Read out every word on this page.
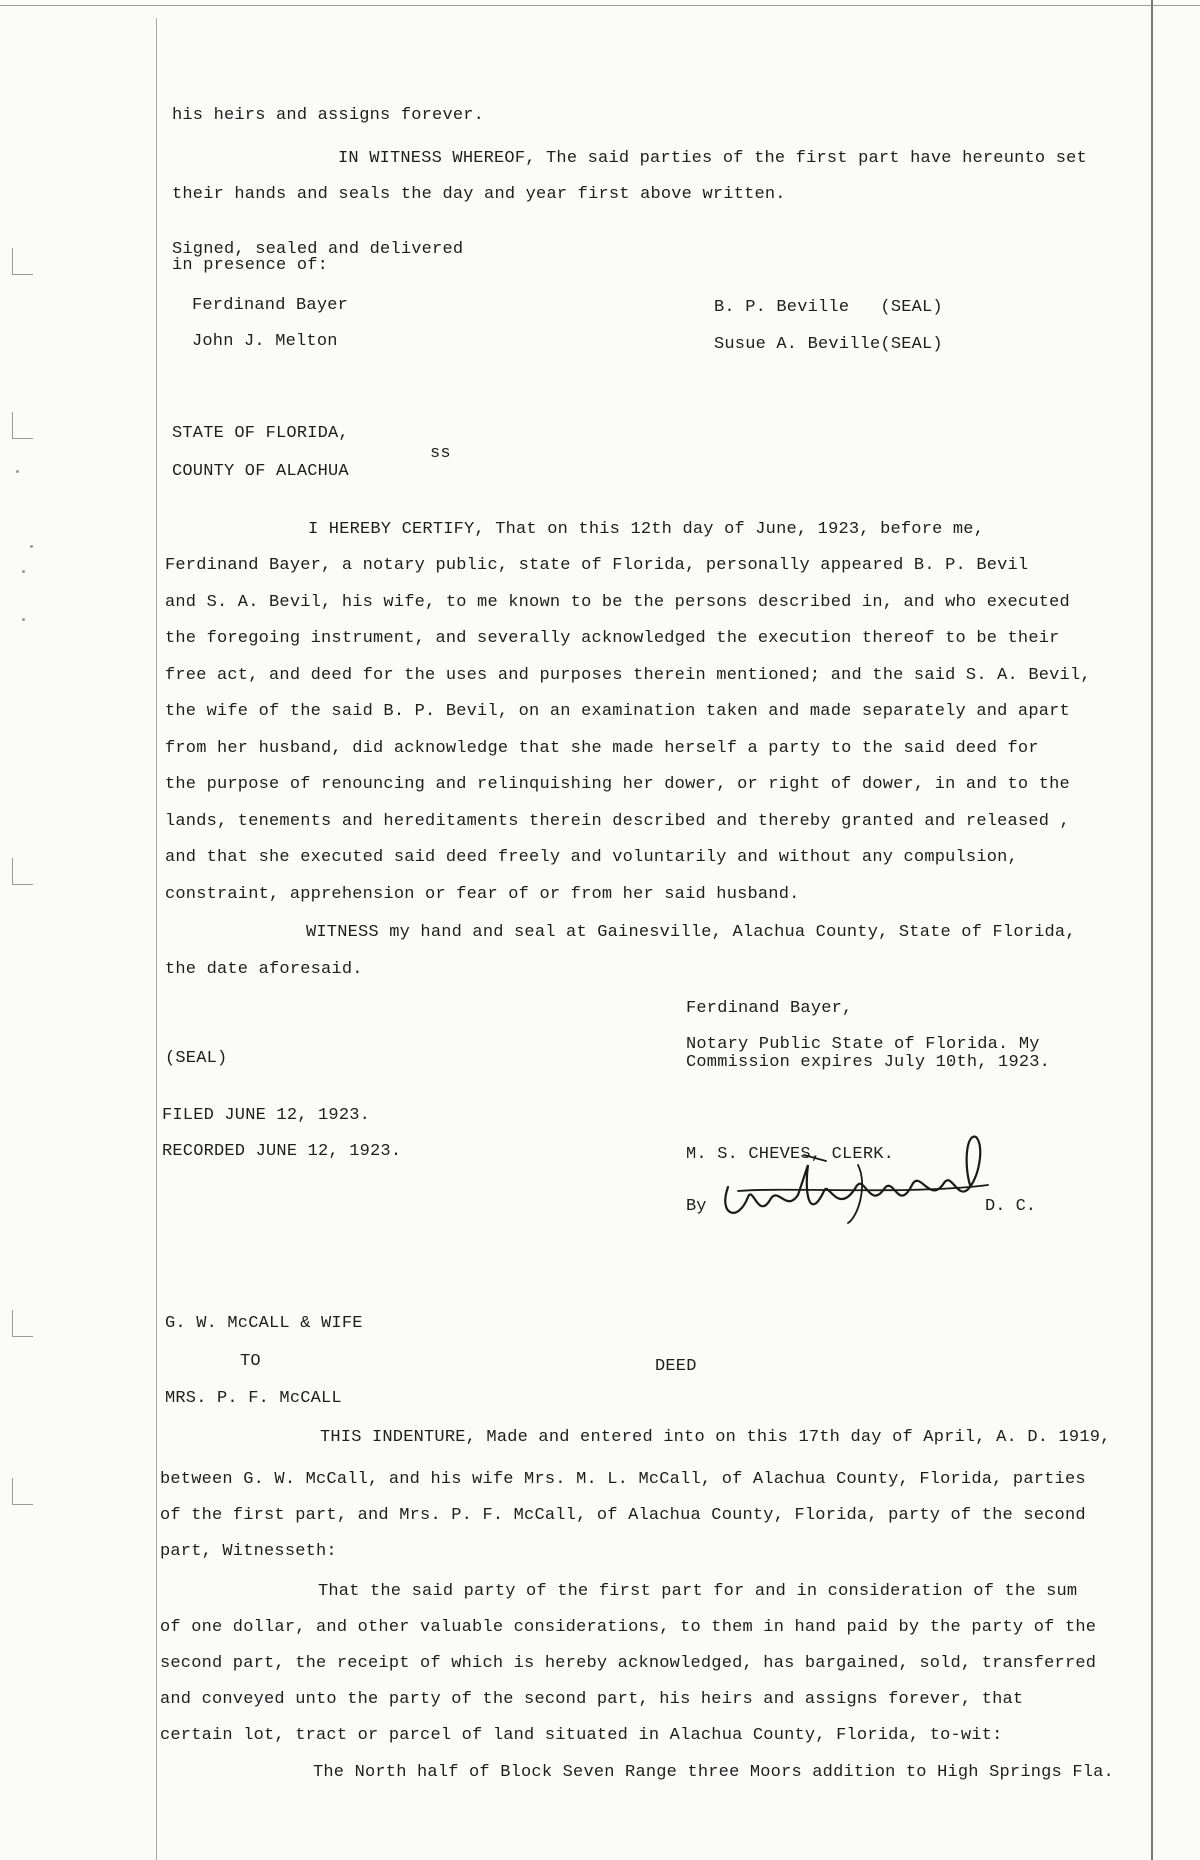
his heirs and assigns forever.
IN WITNESS WHEREOF, The said parties of the first part have hereunto set
their hands and seals the day and year first above written.
Signed, sealed and delivered
in presence of:
Ferdinand Bayer
John J. Melton
B. P. Beville   (SEAL)
Susue A. Beville(SEAL)
STATE OF FLORIDA,
ss
COUNTY OF ALACHUA
I HEREBY CERTIFY, That on this 12th day of June, 1923, before me,
Ferdinand Bayer, a notary public, state of Florida, personally appeared B. P. Bevil
and S. A. Bevil, his wife, to me known to be the persons described in, and who executed
the foregoing instrument, and severally acknowledged the execution thereof to be their
free act, and deed for the uses and purposes therein mentioned; and the said S. A. Bevil,
the wife of the said B. P. Bevil, on an examination taken and made separately and apart
from her husband, did acknowledge that she made herself a party to the said deed for
the purpose of renouncing and relinquishing her dower, or right of dower, in and to the
lands, tenements and hereditaments therein described and thereby granted and released ,
and that she executed said deed freely and voluntarily and without any compulsion,
constraint, apprehension or fear of or from her said husband.
WITNESS my hand and seal at Gainesville, Alachua County, State of Florida,
the date aforesaid.
Ferdinand Bayer,
Notary Public State of Florida. My
Commission expires July 10th, 1923.
(SEAL)
FILED JUNE 12, 1923.
RECORDED JUNE 12, 1923.	M. S. CHEVES, CLERK.
By	D. C.
G. W. McCALL & WIFE
TO	DEED
MRS. P. F. McCALL
THIS INDENTURE, Made and entered into on this 17th day of April, A. D. 1919,
between G. W. McCall, and his wife Mrs. M. L. McCall, of Alachua County, Florida, parties
of the first part, and Mrs. P. F. McCall, of Alachua County, Florida, party of the second
part, Witnesseth:
That the said party of the first part for and in consideration of the sum
of one dollar, and other valuable considerations, to them in hand paid by the party of the
second part, the receipt of which is hereby acknowledged, has bargained, sold, transferred
and conveyed unto the party of the second part, his heirs and assigns forever, that
certain lot, tract or parcel of land situated in Alachua County, Florida, to-wit:
The North half of Block Seven Range three Moors addition to High Springs Fla.
